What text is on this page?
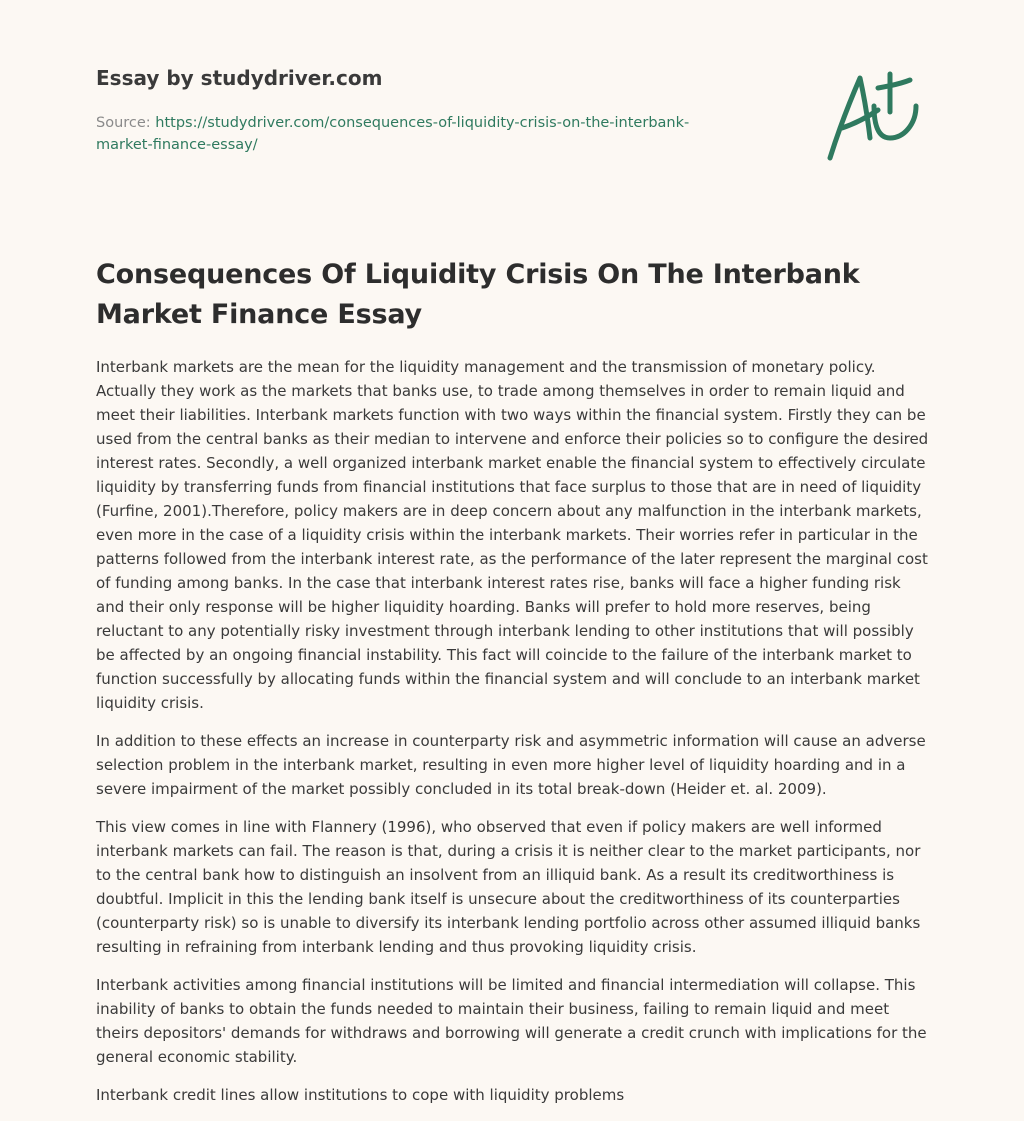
Essay by studydriver.com
Source: https://studydriver.com/consequences-of-liquidity-crisis-on-the-interbank-market-finance-essay/
Consequences Of Liquidity Crisis On The Interbank Market Finance Essay

Interbank markets are the mean for the liquidity management and the transmission of monetary policy. Actually they work as the markets that banks use, to trade among themselves in order to remain liquid and meet their liabilities. Interbank markets function with two ways within the financial system. Firstly they can be used from the central banks as their median to intervene and enforce their policies so to configure the desired interest rates. Secondly, a well organized interbank market enable the financial system to effectively circulate liquidity by transferring funds from financial institutions that face surplus to those that are in need of liquidity (Furfine, 2001).Therefore, policy makers are in deep concern about any malfunction in the interbank markets, even more in the case of a liquidity crisis within the interbank markets. Their worries refer in particular in the patterns followed from the interbank interest rate, as the performance of the later represent the marginal cost of funding among banks. In the case that interbank interest rates rise, banks will face a higher funding risk and their only response will be higher liquidity hoarding. Banks will prefer to hold more reserves, being reluctant to any potentially risky investment through interbank lending to other institutions that will possibly be affected by an ongoing financial instability. This fact will coincide to the failure of the interbank market to function successfully by allocating funds within the financial system and will conclude to an interbank market liquidity crisis.

In addition to these effects an increase in counterparty risk and asymmetric information will cause an adverse selection problem in the interbank market, resulting in even more higher level of liquidity hoarding and in a severe impairment of the market possibly concluded in its total break-down (Heider et. al. 2009).

This view comes in line with Flannery (1996), who observed that even if policy makers are well informed interbank markets can fail. The reason is that, during a crisis it is neither clear to the market participants, nor to the central bank how to distinguish an insolvent from an illiquid bank. As a result its creditworthiness is doubtful. Implicit in this the lending bank itself is unsecure about the creditworthiness of its counterparties (counterparty risk) so is unable to diversify its interbank lending portfolio across other assumed illiquid banks resulting in refraining from interbank lending and thus provoking liquidity crisis.

Interbank activities among financial institutions will be limited and financial intermediation will collapse. This inability of banks to obtain the funds needed to maintain their business, failing to remain liquid and meet theirs depositors' demands for withdraws and borrowing will generate a credit crunch with implications for the general economic stability.

Interbank credit lines allow institutions to cope with liquidity problems
